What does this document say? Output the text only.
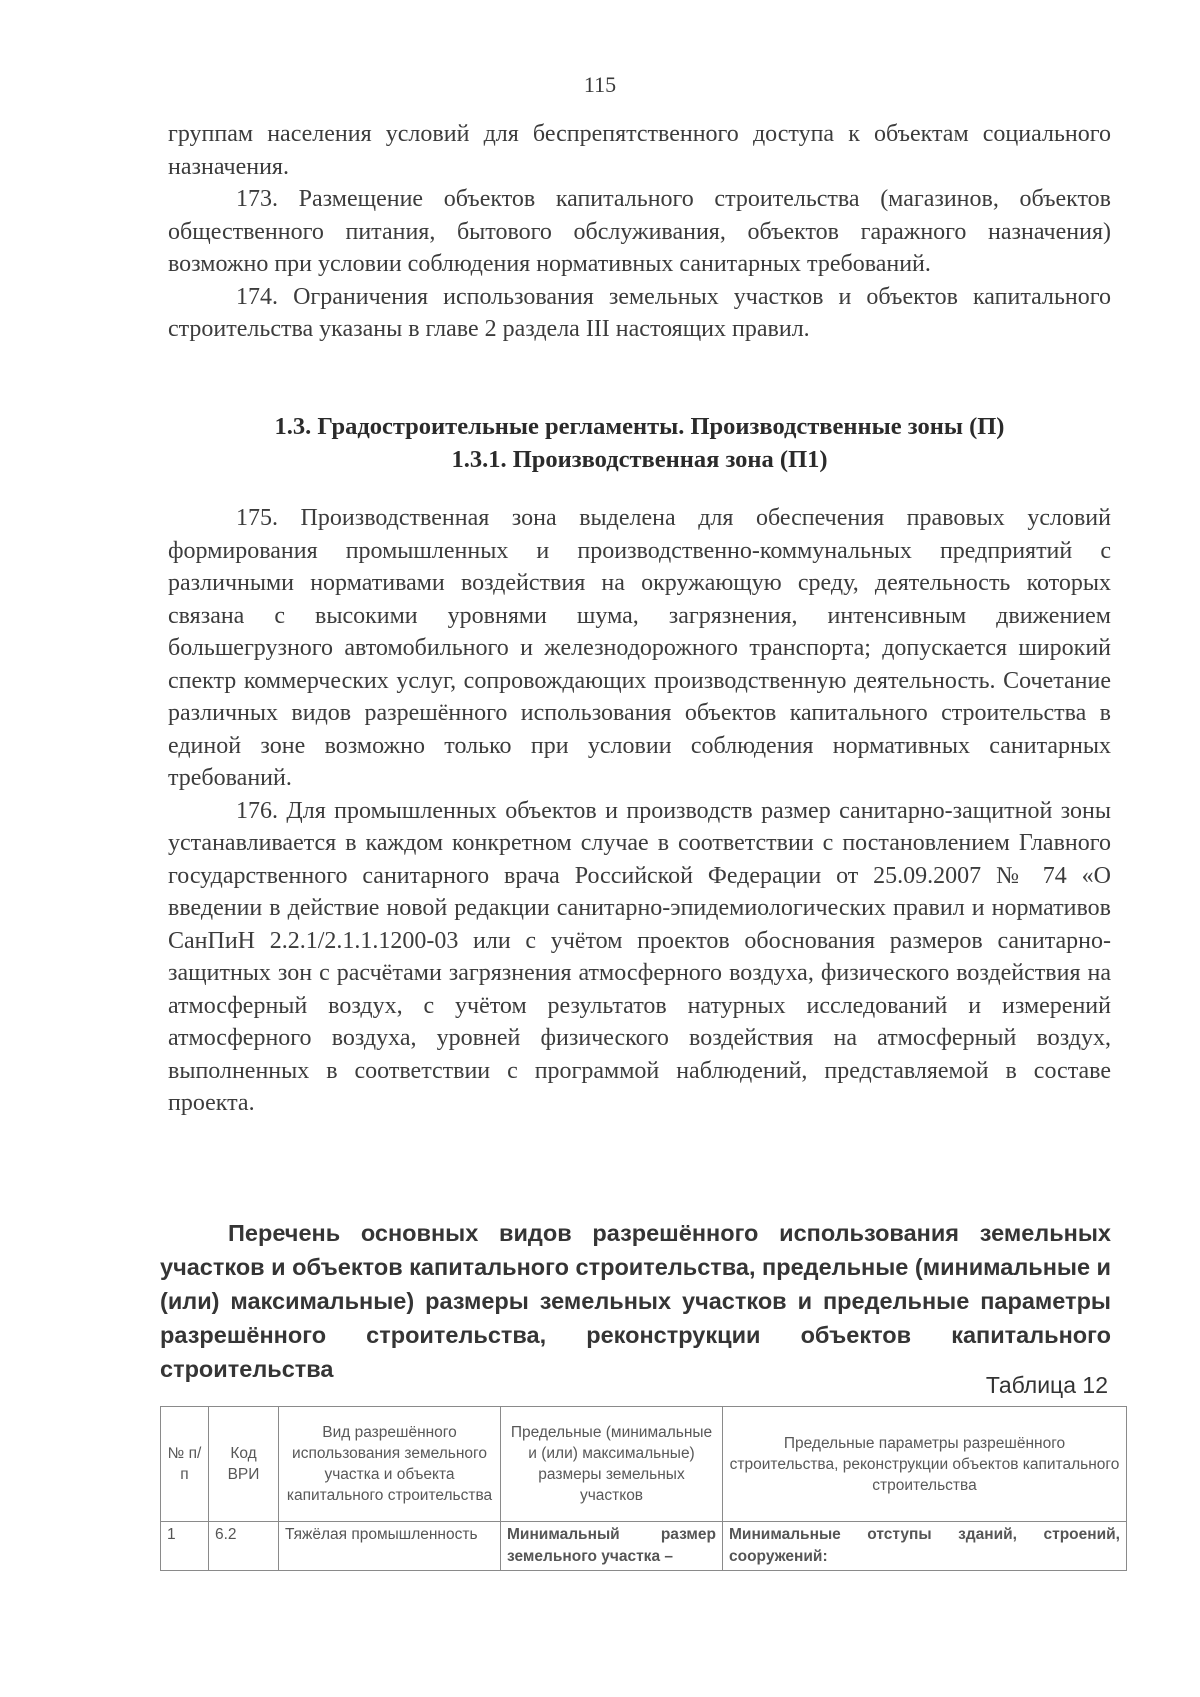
115

группам населения условий для беспрепятственного доступа к объектам социального назначения.

173. Размещение объектов капитального строительства (магазинов, объектов общественного питания, бытового обслуживания, объектов гаражного назначения) возможно при условии соблюдения нормативных санитарных требований.

174. Ограничения использования земельных участков и объектов капитального строительства указаны в главе 2 раздела III настоящих правил.

1.3. Градостроительные регламенты. Производственные зоны (П)
1.3.1. Производственная зона (П1)

175. Производственная зона выделена для обеспечения правовых условий формирования промышленных и производственно-коммунальных предприятий с различными нормативами воздействия на окружающую среду, деятельность которых связана с высокими уровнями шума, загрязнения, интенсивным движением большегрузного автомобильного и железнодорожного транспорта; допускается широкий спектр коммерческих услуг, сопровождающих производственную деятельность. Сочетание различных видов разрешённого использования объектов капитального строительства в единой зоне возможно только при условии соблюдения нормативных санитарных требований.

176. Для промышленных объектов и производств размер санитарно-защитной зоны устанавливается в каждом конкретном случае в соответствии с постановлением Главного государственного санитарного врача Российской Федерации от 25.09.2007 № 74 «О введении в действие новой редакции санитарно-эпидемиологических правил и нормативов СанПиН 2.2.1/2.1.1.1200-03 или с учётом проектов обоснования размеров санитарно-защитных зон с расчётами загрязнения атмосферного воздуха, физического воздействия на атмосферный воздух, с учётом результатов натурных исследований и измерений атмосферного воздуха, уровней физического воздействия на атмосферный воздух, выполненных в соответствии с программой наблюдений, представляемой в составе проекта.

Перечень основных видов разрешённого использования земельных участков и объектов капитального строительства, предельные (минимальные и (или) максимальные) размеры земельных участков и предельные параметры разрешённого строительства, реконструкции объектов капитального строительства

Таблица 12
№ п/п	Код ВРИ	Вид разрешённого использования земельного участка и объекта капитального строительства	Предельные (минимальные и (или) максимальные) размеры земельных участков	Предельные параметры разрешённого строительства, реконструкции объектов капитального строительства
1	6.2	Тяжёлая промышленность	Минимальный размер земельного участка –	Минимальные отступы зданий, строений, сооружений:
